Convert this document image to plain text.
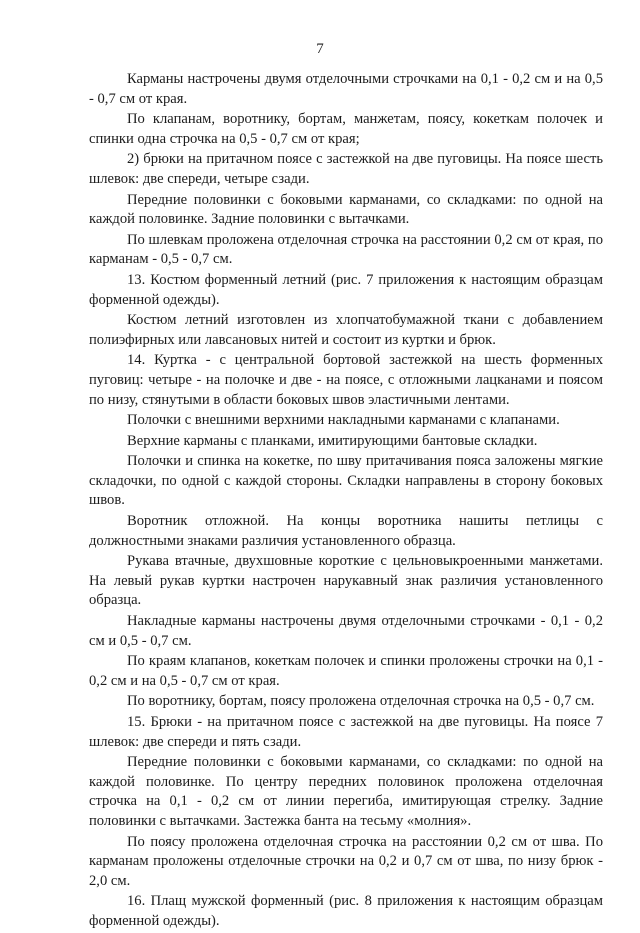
7

Карманы настрочены двумя отделочными строчками на 0,1 - 0,2 см и на 0,5 - 0,7 см от края.

По клапанам, воротнику, бортам, манжетам, поясу, кокеткам полочек и спинки одна строчка на 0,5 - 0,7 см от края;

2) брюки на притачном поясе с застежкой на две пуговицы. На поясе шесть шлевок: две спереди, четыре сзади.

Передние половинки с боковыми карманами, со складками: по одной на каждой половинке. Задние половинки с вытачками.

По шлевкам проложена отделочная строчка на расстоянии 0,2 см от края, по карманам - 0,5 - 0,7 см.

13. Костюм форменный летний (рис. 7 приложения к настоящим образцам форменной одежды).

Костюм летний изготовлен из хлопчатобумажной ткани с добавлением полиэфирных или лавсановых нитей и состоит из куртки и брюк.

14. Куртка - с центральной бортовой застежкой на шесть форменных пуговиц: четыре - на полочке и две - на поясе, с отложными лацканами и поясом по низу, стянутыми в области боковых швов эластичными лентами.

Полочки с внешними верхними накладными карманами с клапанами.

Верхние карманы с планками, имитирующими бантовые складки.

Полочки и спинка на кокетке, по шву притачивания пояса заложены мягкие складочки, по одной с каждой стороны. Складки направлены в сторону боковых швов.

Воротник отложной. На концы воротника нашиты петлицы с должностными знаками различия установленного образца.

Рукава втачные, двухшовные короткие с цельновыкроенными манжетами. На левый рукав куртки настрочен нарукавный знак различия установленного образца.

Накладные карманы настрочены двумя отделочными строчками - 0,1 - 0,2 см и 0,5 - 0,7 см.

По краям клапанов, кокеткам полочек и спинки проложены строчки на 0,1 - 0,2 см и на 0,5 - 0,7 см от края.

По воротнику, бортам, поясу проложена отделочная строчка на 0,5 - 0,7 см.

15. Брюки - на притачном поясе с застежкой на две пуговицы. На поясе 7 шлевок: две спереди и пять сзади.

Передние половинки с боковыми карманами, со складками: по одной на каждой половинке. По центру передних половинок проложена отделочная строчка на 0,1 - 0,2 см от линии перегиба, имитирующая стрелку. Задние половинки с вытачками. Застежка банта на тесьму «молния».

По поясу проложена отделочная строчка на расстоянии 0,2 см от шва. По карманам проложены отделочные строчки на 0,2 и 0,7 см от шва, по низу брюк - 2,0 см.

16. Плащ мужской форменный (рис. 8 приложения к настоящим образцам форменной одежды).
